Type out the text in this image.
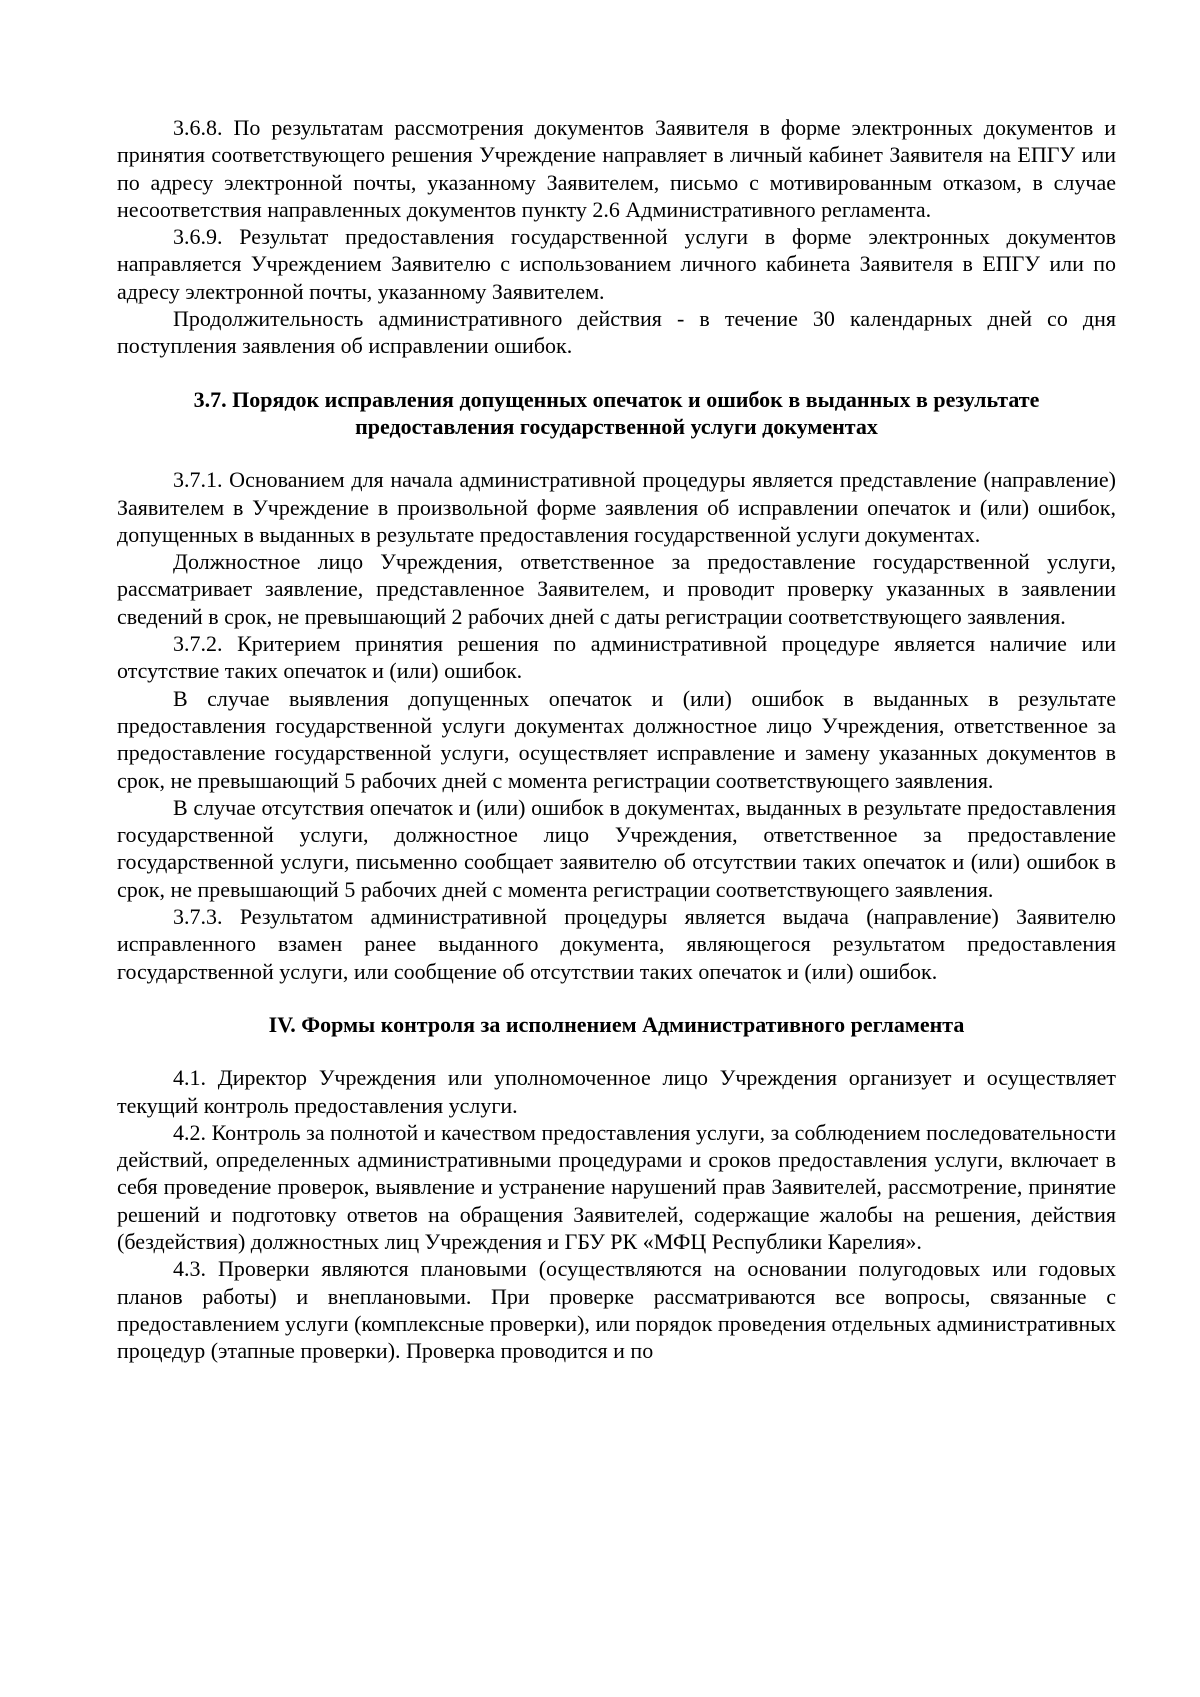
3.6.8. По результатам рассмотрения документов Заявителя в форме электронных документов и принятия соответствующего решения Учреждение направляет в личный кабинет Заявителя на ЕПГУ или по адресу электронной почты, указанному Заявителем, письмо с мотивированным отказом, в случае несоответствия направленных документов пункту 2.6 Административного регламента.

3.6.9. Результат предоставления государственной услуги в форме электронных документов направляется Учреждением Заявителю с использованием личного кабинета Заявителя в ЕПГУ или по адресу электронной почты, указанному Заявителем.

Продолжительность административного действия - в течение 30 календарных дней со дня поступления заявления об исправлении ошибок.

3.7. Порядок исправления допущенных опечаток и ошибок в выданных в результате предоставления государственной услуги документах

3.7.1. Основанием для начала административной процедуры является представление (направление) Заявителем в Учреждение в произвольной форме заявления об исправлении опечаток и (или) ошибок, допущенных в выданных в результате предоставления государственной услуги документах.

Должностное лицо Учреждения, ответственное за предоставление государственной услуги, рассматривает заявление, представленное Заявителем, и проводит проверку указанных в заявлении сведений в срок, не превышающий 2 рабочих дней с даты регистрации соответствующего заявления.

3.7.2. Критерием принятия решения по административной процедуре является наличие или отсутствие таких опечаток и (или) ошибок.

В случае выявления допущенных опечаток и (или) ошибок в выданных в результате предоставления государственной услуги документах должностное лицо Учреждения, ответственное за предоставление государственной услуги, осуществляет исправление и замену указанных документов в срок, не превышающий 5 рабочих дней с момента регистрации соответствующего заявления.

В случае отсутствия опечаток и (или) ошибок в документах, выданных в результате предоставления государственной услуги, должностное лицо Учреждения, ответственное за предоставление государственной услуги, письменно сообщает заявителю об отсутствии таких опечаток и (или) ошибок в срок, не превышающий 5 рабочих дней с момента регистрации соответствующего заявления.

3.7.3. Результатом административной процедуры является выдача (направление) Заявителю исправленного взамен ранее выданного документа, являющегося результатом предоставления государственной услуги, или сообщение об отсутствии таких опечаток и (или) ошибок.

IV. Формы контроля за исполнением Административного регламента

4.1. Директор Учреждения или уполномоченное лицо Учреждения организует и осуществляет текущий контроль предоставления услуги.

4.2. Контроль за полнотой и качеством предоставления услуги, за соблюдением последовательности действий, определенных административными процедурами и сроков предоставления услуги, включает в себя проведение проверок, выявление и устранение нарушений прав Заявителей, рассмотрение, принятие решений и подготовку ответов на обращения Заявителей, содержащие жалобы на решения, действия (бездействия) должностных лиц Учреждения и ГБУ РК «МФЦ Республики Карелия».

4.3. Проверки являются плановыми (осуществляются на основании полугодовых или годовых планов работы) и внеплановыми. При проверке рассматриваются все вопросы, связанные с предоставлением услуги (комплексные проверки), или порядок проведения отдельных административных процедур (этапные проверки). Проверка проводится и по
